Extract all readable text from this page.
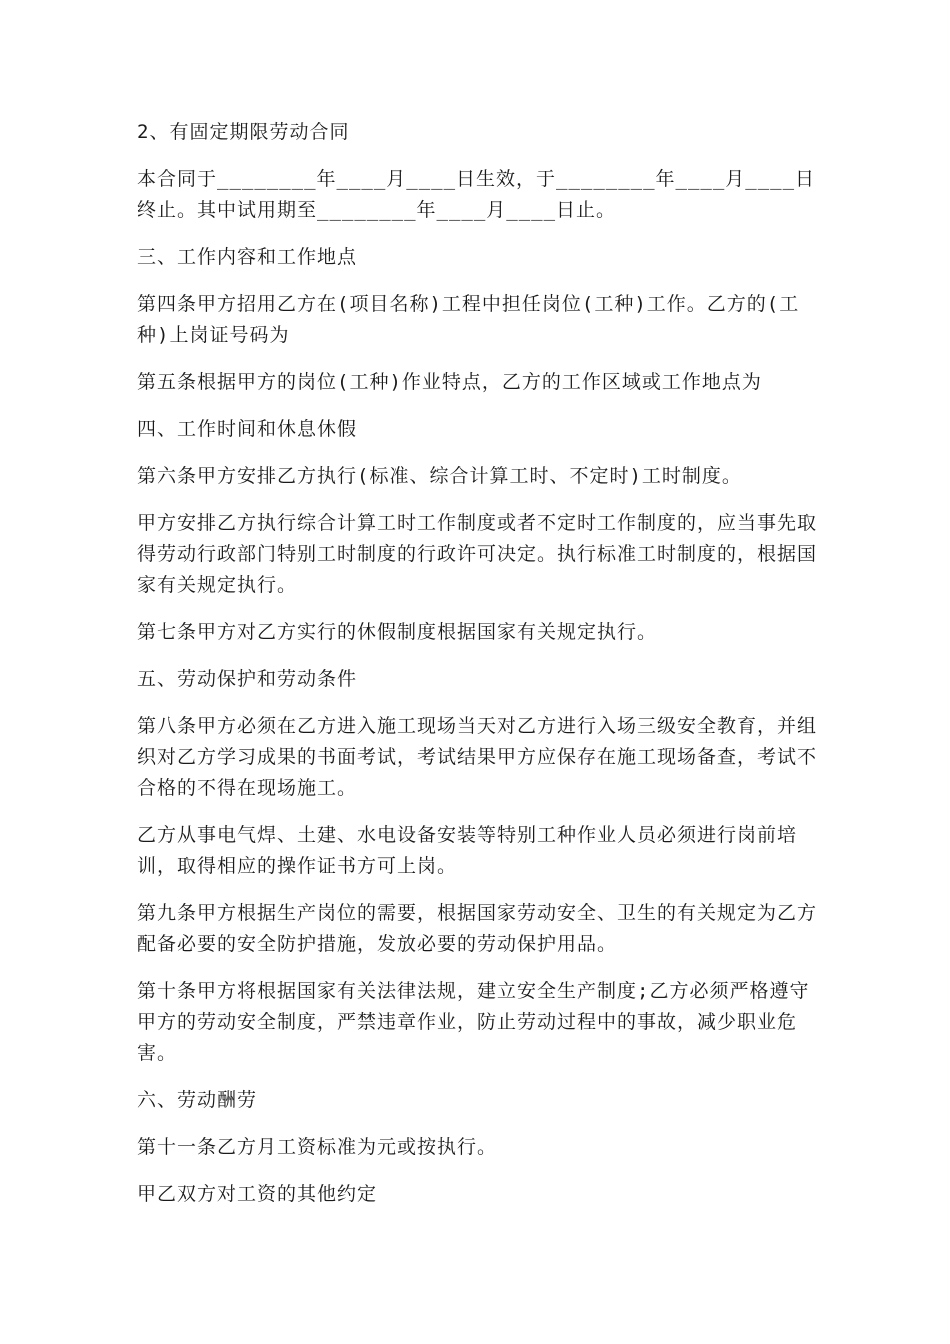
2、有固定期限劳动合同

本合同于________年____月____日生效，于________年____月____日终止。其中试用期至________年____月____日止。

三、工作内容和工作地点

第四条甲方招用乙方在(项目名称)工程中担任岗位(工种)工作。乙方的(工种)上岗证号码为

第五条根据甲方的岗位(工种)作业特点，乙方的工作区域或工作地点为

四、工作时间和休息休假

第六条甲方安排乙方执行(标准、综合计算工时、不定时)工时制度。

甲方安排乙方执行综合计算工时工作制度或者不定时工作制度的，应当事先取得劳动行政部门特别工时制度的行政许可决定。执行标准工时制度的，根据国家有关规定执行。

第七条甲方对乙方实行的休假制度根据国家有关规定执行。

五、劳动保护和劳动条件

第八条甲方必须在乙方进入施工现场当天对乙方进行入场三级安全教育，并组织对乙方学习成果的书面考试，考试结果甲方应保存在施工现场备查，考试不合格的不得在现场施工。

乙方从事电气焊、土建、水电设备安装等特别工种作业人员必须进行岗前培训，取得相应的操作证书方可上岗。

第九条甲方根据生产岗位的需要，根据国家劳动安全、卫生的有关规定为乙方配备必要的安全防护措施，发放必要的劳动保护用品。

第十条甲方将根据国家有关法律法规，建立安全生产制度;乙方必须严格遵守甲方的劳动安全制度，严禁违章作业，防止劳动过程中的事故，减少职业危害。

六、劳动酬劳

第十一条乙方月工资标准为元或按执行。

甲乙双方对工资的其他约定
